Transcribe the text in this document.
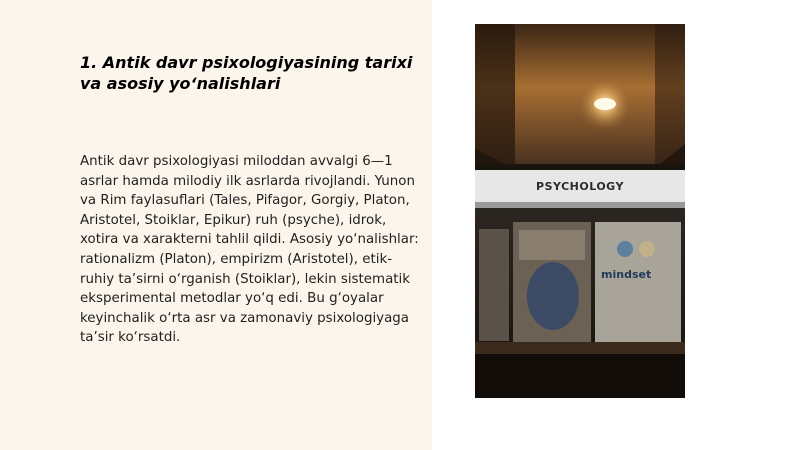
1. Antik davr psixologiyasining tarixi va asosiy yo‘nalishlari
Antik davr psixologiyasi miloddan avvalgi 6—1 asrlar hamda milodiy ilk asrlarda rivojlandi. Yunon va Rim faylasuflari (Tales, Pifagor, Gorgiy, Platon, Aristotel, Stoiklar, Epikur) ruh (psyche), idrok, xotira va xarakterni tahlil qildi. Asosiy yo‘nalishlar: rationalizm (Platon), empirizm (Aristotel), etik-ruhiy ta’sirni o‘rganish (Stoiklar), lekin sistematik eksperimental metodlar yo‘q edi. Bu g‘oyalar keyinchalik o‘rta asr va zamonaviy psixologiyaga ta’sir ko‘rsatdi.
PSYCHOLOGY
mindset
